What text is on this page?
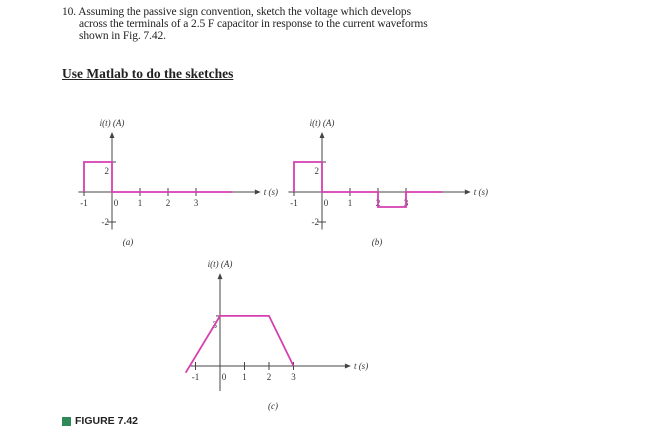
10. Assuming the passive sign convention, sketch the voltage which develops
across the terminals of a 2.5 F capacitor in response to the current waveforms
shown in Fig. 7.42.
Use Matlab to do the sketches
-1	0 1	2	3
2
-2
i(t) (A)
t (s)
(a)
-1	0 1	2	3
2
-2
i(t) (A)
t (s)
(b)
-1	0 1 2 3
3
i(t) (A)
t (s)
(c)
FIGURE 7.42
